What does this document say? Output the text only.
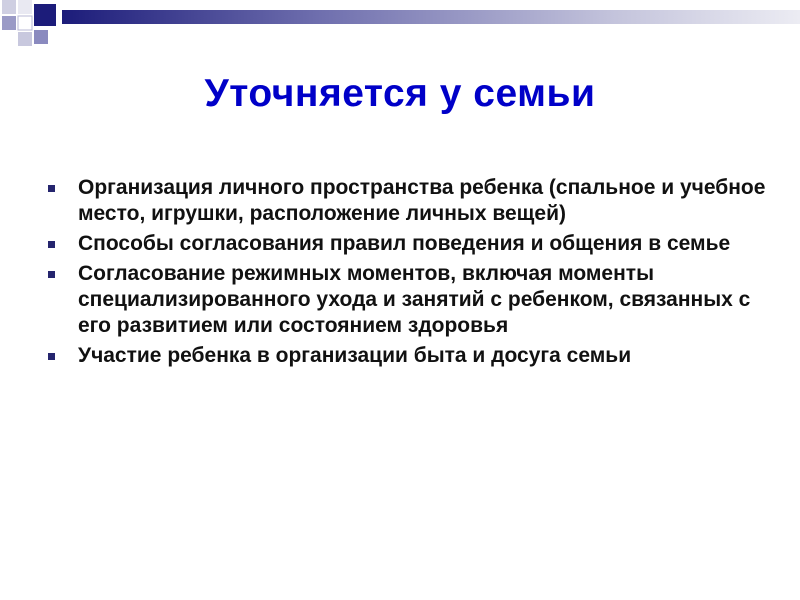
Уточняется у семьи
Организация личного пространства ребенка (спальное и учебное место, игрушки, расположение личных вещей)
Способы согласования правил поведения и общения в семье
Согласование режимных моментов, включая моменты специализированного ухода и занятий с ребенком, связанных с его развитием или состоянием здоровья
Участие ребенка в организации быта и досуга семьи
